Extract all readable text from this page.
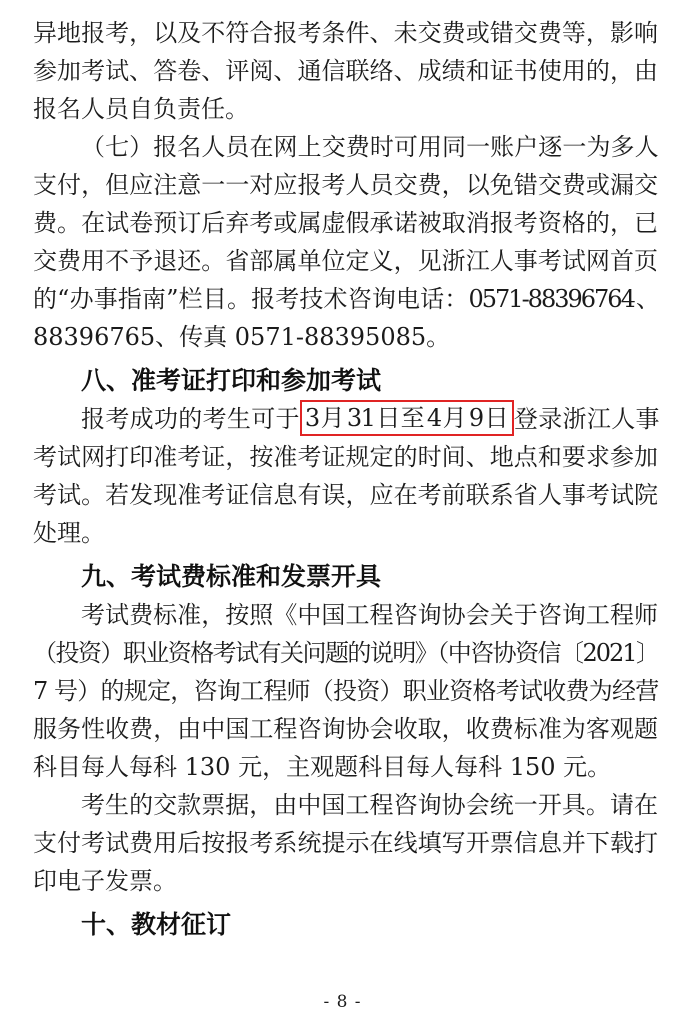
异地报考，以及不符合报考条件、未交费或错交费等，影响
参加考试、答卷、评阅、通信联络、成绩和证书使用的，由
报名人员自负责任。
（七）报名人员在网上交费时可用同一账户逐一为多人
支付，但应注意一一对应报考人员交费，以免错交费或漏交
费。在试卷预订后弃考或属虚假承诺被取消报考资格的，已
交费用不予退还。省部属单位定义，见浙江人事考试网首页
的“办事指南”栏目。报考技术咨询电话：0571-88396764、
88396765、传真 0571-88395085。
八、准考证打印和参加考试
报考成功的考生可于 3 月 31 日至 4 月 9 日 登录浙江人事
考试网打印准考证，按准考证规定的时间、地点和要求参加
考试。若发现准考证信息有误，应在考前联系省人事考试院
处理。
九、考试费标准和发票开具
考试费标准，按照《中国工程咨询协会关于咨询工程师
（投资）职业资格考试有关问题的说明》（中咨协资信〔2021〕
7 号）的规定，咨询工程师（投资）职业资格考试收费为经营
服务性收费，由中国工程咨询协会收取，收费标准为客观题
科目每人每科 130 元，主观题科目每人每科 150 元。
考生的交款票据，由中国工程咨询协会统一开具。请在
支付考试费用后按报考系统提示在线填写开票信息并下载打
印电子发票。
十、教材征订
- 8 -
